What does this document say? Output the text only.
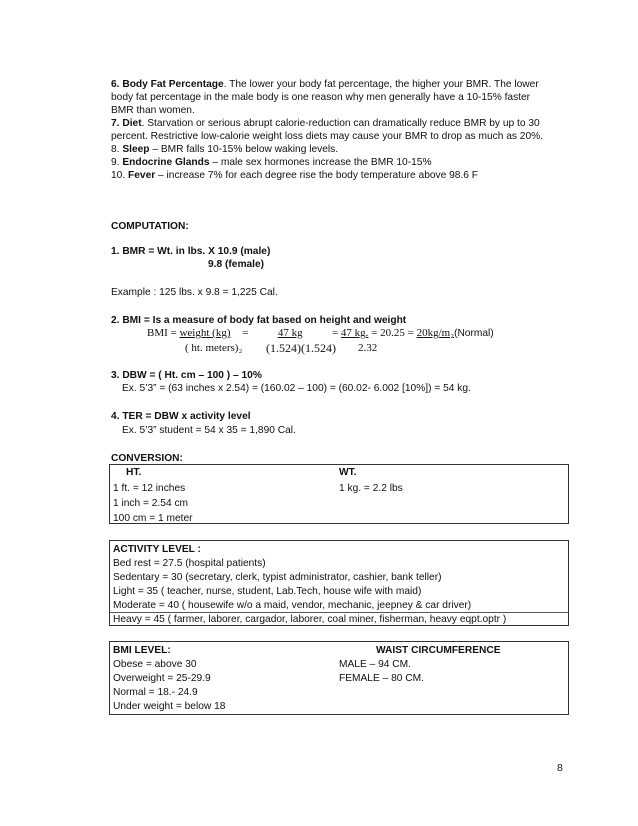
6. Body Fat Percentage. The lower your body fat percentage, the higher your BMR. The lower
body fat percentage in the male body is one reason why men generally have a 10-15% faster
BMR than women.
7. Diet. Starvation or serious abrupt calorie-reduction can dramatically reduce BMR by up to 30
percent. Restrictive low-calorie weight loss diets may cause your BMR to drop as much as 20%.
8. Sleep – BMR falls 10-15% below waking levels.
9. Endocrine Glands – male sex hormones increase the BMR 10-15%
10. Fever – increase 7% for each degree rise the body temperature above 98.6 F
COMPUTATION:
1. BMR = Wt. in lbs. X 10.9 (male)
9.8 (female)
Example : 125 lbs. x 9.8 = 1,225 Cal.
2. BMI = Is a measure of body fat based on height and weight
BMI = weight (kg) =	47 kg	= 47 kg. = 20.25 = 20kg/m₂(Normal)
( ht. meters)₂ (1.524)(1.524) 2.32
3. DBW = ( Ht. cm – 100 ) – 10%
Ex. 5’3” = (63 inches x 2.54) = (160.02 – 100) = (60.02- 6.002 [10%]) = 54 kg.
4. TER = DBW x activity level
Ex. 5’3” student = 54 x 35 = 1,890 Cal.
CONVERSION:
HT.	WT.
1 ft. = 12 inches	1 kg. = 2.2 lbs
1 inch = 2.54 cm
100 cm = 1 meter
ACTIVITY LEVEL :
Bed rest = 27.5 (hospital patients)
Sedentary = 30 (secretary, clerk, typist administrator, cashier, bank teller)
Light = 35 ( teacher, nurse, student, Lab.Tech, house wife with maid)
Moderate = 40 ( housewife w/o a maid, vendor, mechanic, jeepney & car driver)
Heavy = 45 ( farmer, laborer, cargador, laborer, coal miner, fisherman, heavy eqpt.optr )
BMI LEVEL:	WAIST CIRCUMFERENCE
Obese = above 30	MALE – 94 CM.
Overweight = 25-29.9	FEMALE – 80 CM.
Normal = 18.- 24.9
Under weight = below 18
8
